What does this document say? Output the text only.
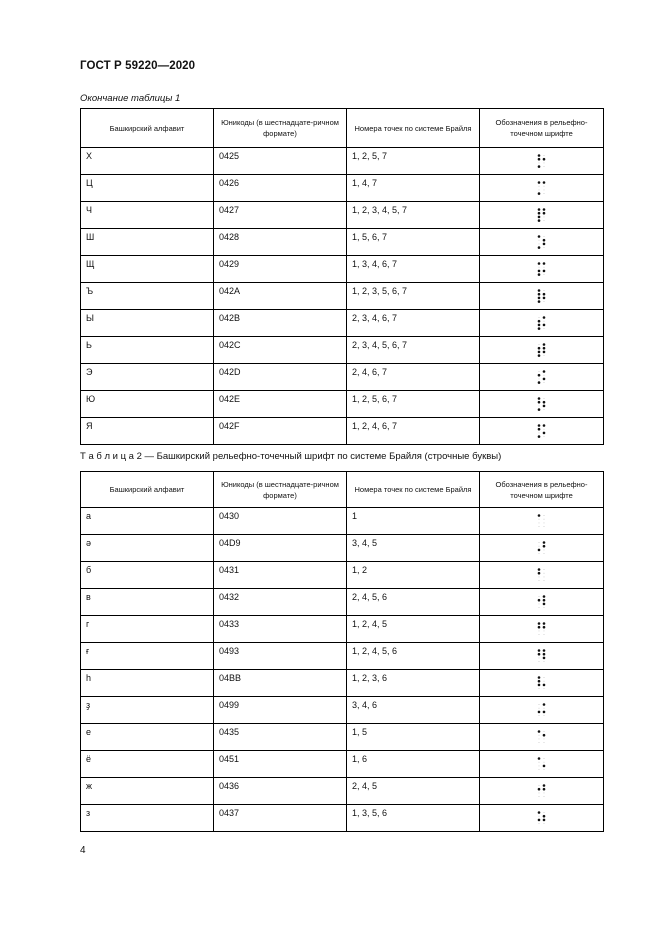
ГОСТ Р 59220—2020
Окончание таблицы 1
Башкирский алфавит	Юникоды (в шестнадцате-ричном формате)	Номера точек по системе Брайля	Обозначения в рельефно-точечном шрифте
Х	0425	1, 2, 5, 7	
Ц	0426	1, 4, 7	
Ч	0427	1, 2, 3, 4, 5, 7	
Ш	0428	1, 5, 6, 7	
Щ	0429	1, 3, 4, 6, 7	
Ъ	042A	1, 2, 3, 5, 6, 7	
Ы	042B	2, 3, 4, 6, 7	
Ь	042C	2, 3, 4, 5, 6, 7	
Э	042D	2, 4, 6, 7	
Ю	042E	1, 2, 5, 6, 7	
Я	042F	1, 2, 4, 6, 7	
Т а б л и ц а 2 — Башкирский рельефно-точечный шрифт по системе Брайля (строчные буквы)
Башкирский алфавит	Юникоды (в шестнадцате-ричном формате)	Номера точек по системе Брайля	Обозначения в рельефно-точечном шрифте
а	0430	1	
ә	04D9	3, 4, 5	
б	0431	1, 2	
в	0432	2, 4, 5, 6	
г	0433	1, 2, 4, 5	
ғ	0493	1, 2, 4, 5, 6	
һ	04BB	1, 2, 3, 6	
ҙ	0499	3, 4, 6	
е	0435	1, 5	
ё	0451	1, 6	
ж	0436	2, 4, 5	
з	0437	1, 3, 5, 6	
4
